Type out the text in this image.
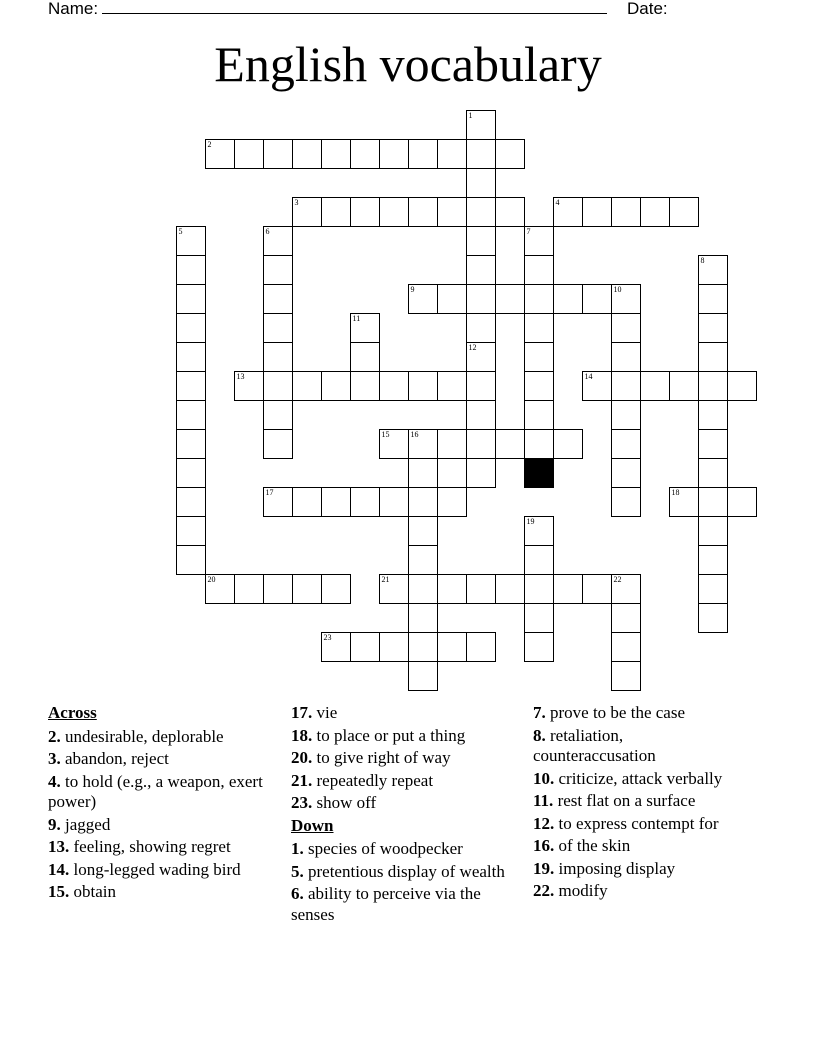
Name:	Date:
English vocabulary
1
12
2
3	4
5	6	7
8
9	10
11
13	14
15	16
17	18
19
20	21	22
23
Across
2. undesirable, deplorable
3. abandon, reject
4. to hold (e.g., a weapon, exert power)
9. jagged
13. feeling, showing regret
14. long-legged wading bird
15. obtain
17. vie
18. to place or put a thing
20. to give right of way
21. repeatedly repeat
23. show off
Down
1. species of woodpecker
5. pretentious display of wealth
6. ability to perceive via the senses
7. prove to be the case
8. retaliation, counteraccusation
10. criticize, attack verbally
11. rest flat on a surface
12. to express contempt for
16. of the skin
19. imposing display
22. modify
